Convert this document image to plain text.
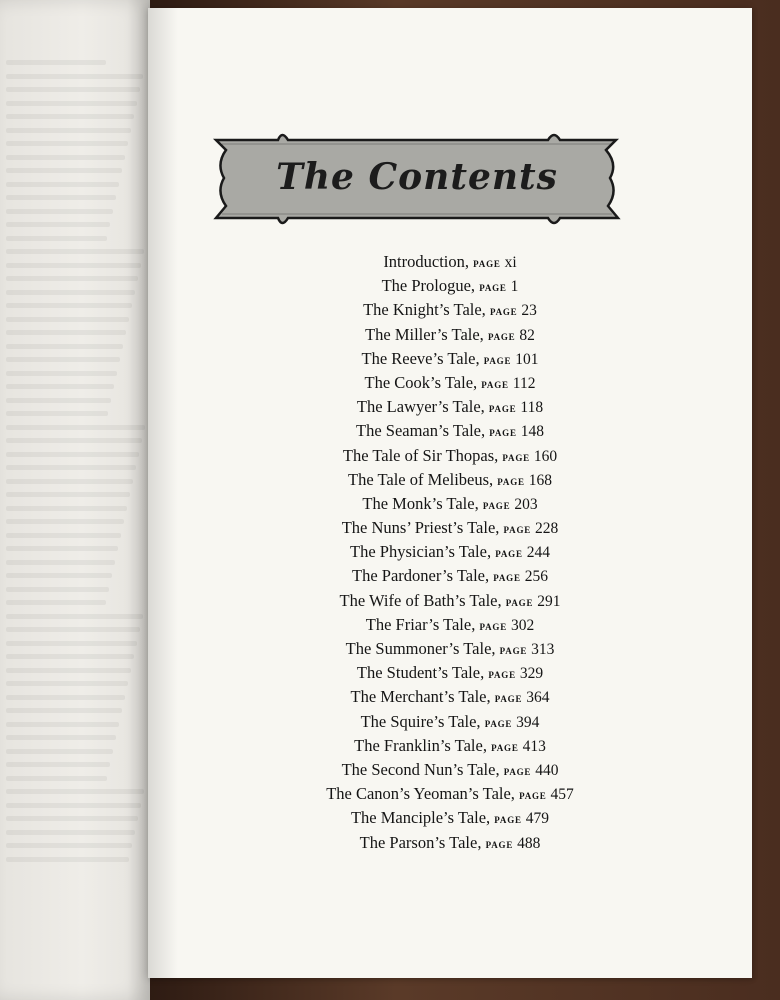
The Contents
Introduction, page xi
The Prologue, page 1
The Knight’s Tale, page 23
The Miller’s Tale, page 82
The Reeve’s Tale, page 101
The Cook’s Tale, page 112
The Lawyer’s Tale, page 118
The Seaman’s Tale, page 148
The Tale of Sir Thopas, page 160
The Tale of Melibeus, page 168
The Monk’s Tale, page 203
The Nuns’ Priest’s Tale, page 228
The Physician’s Tale, page 244
The Pardoner’s Tale, page 256
The Wife of Bath’s Tale, page 291
The Friar’s Tale, page 302
The Summoner’s Tale, page 313
The Student’s Tale, page 329
The Merchant’s Tale, page 364
The Squire’s Tale, page 394
The Franklin’s Tale, page 413
The Second Nun’s Tale, page 440
The Canon’s Yeoman’s Tale, page 457
The Manciple’s Tale, page 479
The Parson’s Tale, page 488
